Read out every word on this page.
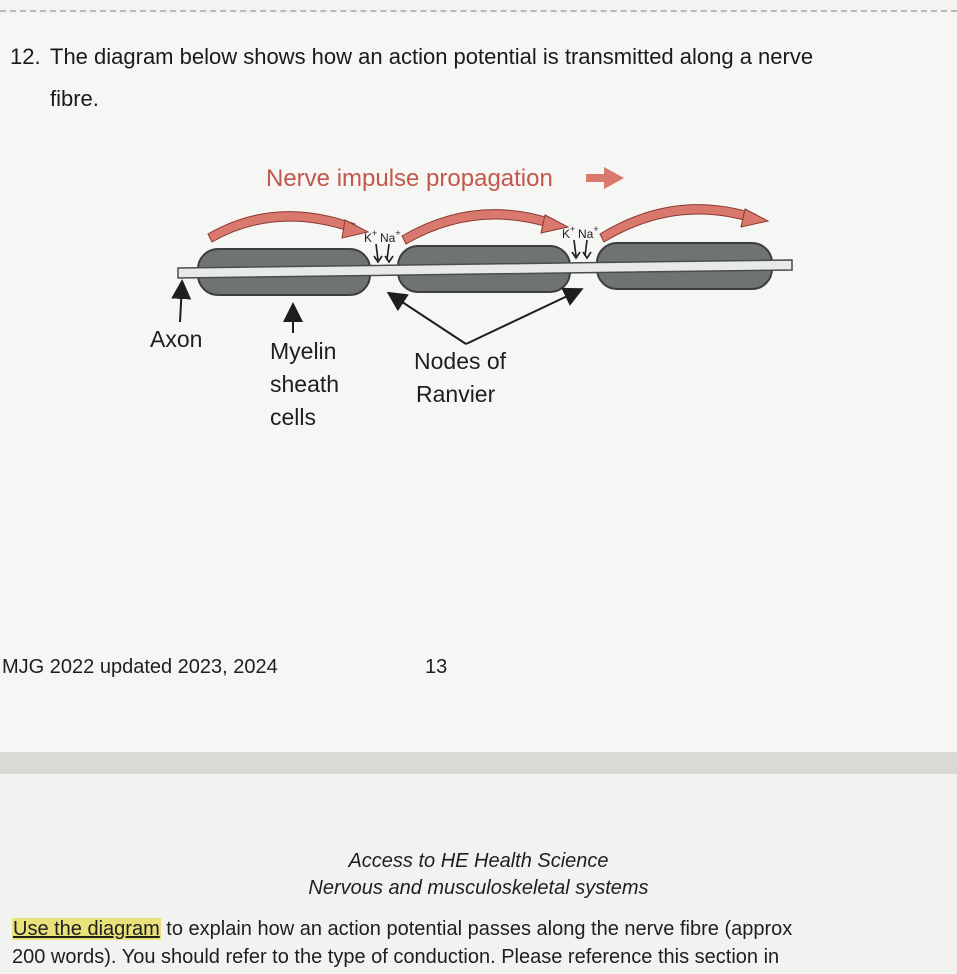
12. The diagram below shows how an action potential is transmitted along a nerve
fibre.
Nerve impulse propagation
K+ Na+	K+ Na+
Axon	Myelin
sheath
cells
Nodes of
Ranvier
MJG 2022 updated 2023, 2024	13
Access to HE Health Science
Nervous and musculoskeletal systems
Use the diagram to explain how an action potential passes along the nerve fibre (approx
200 words). You should refer to the type of conduction. Please reference this section in
